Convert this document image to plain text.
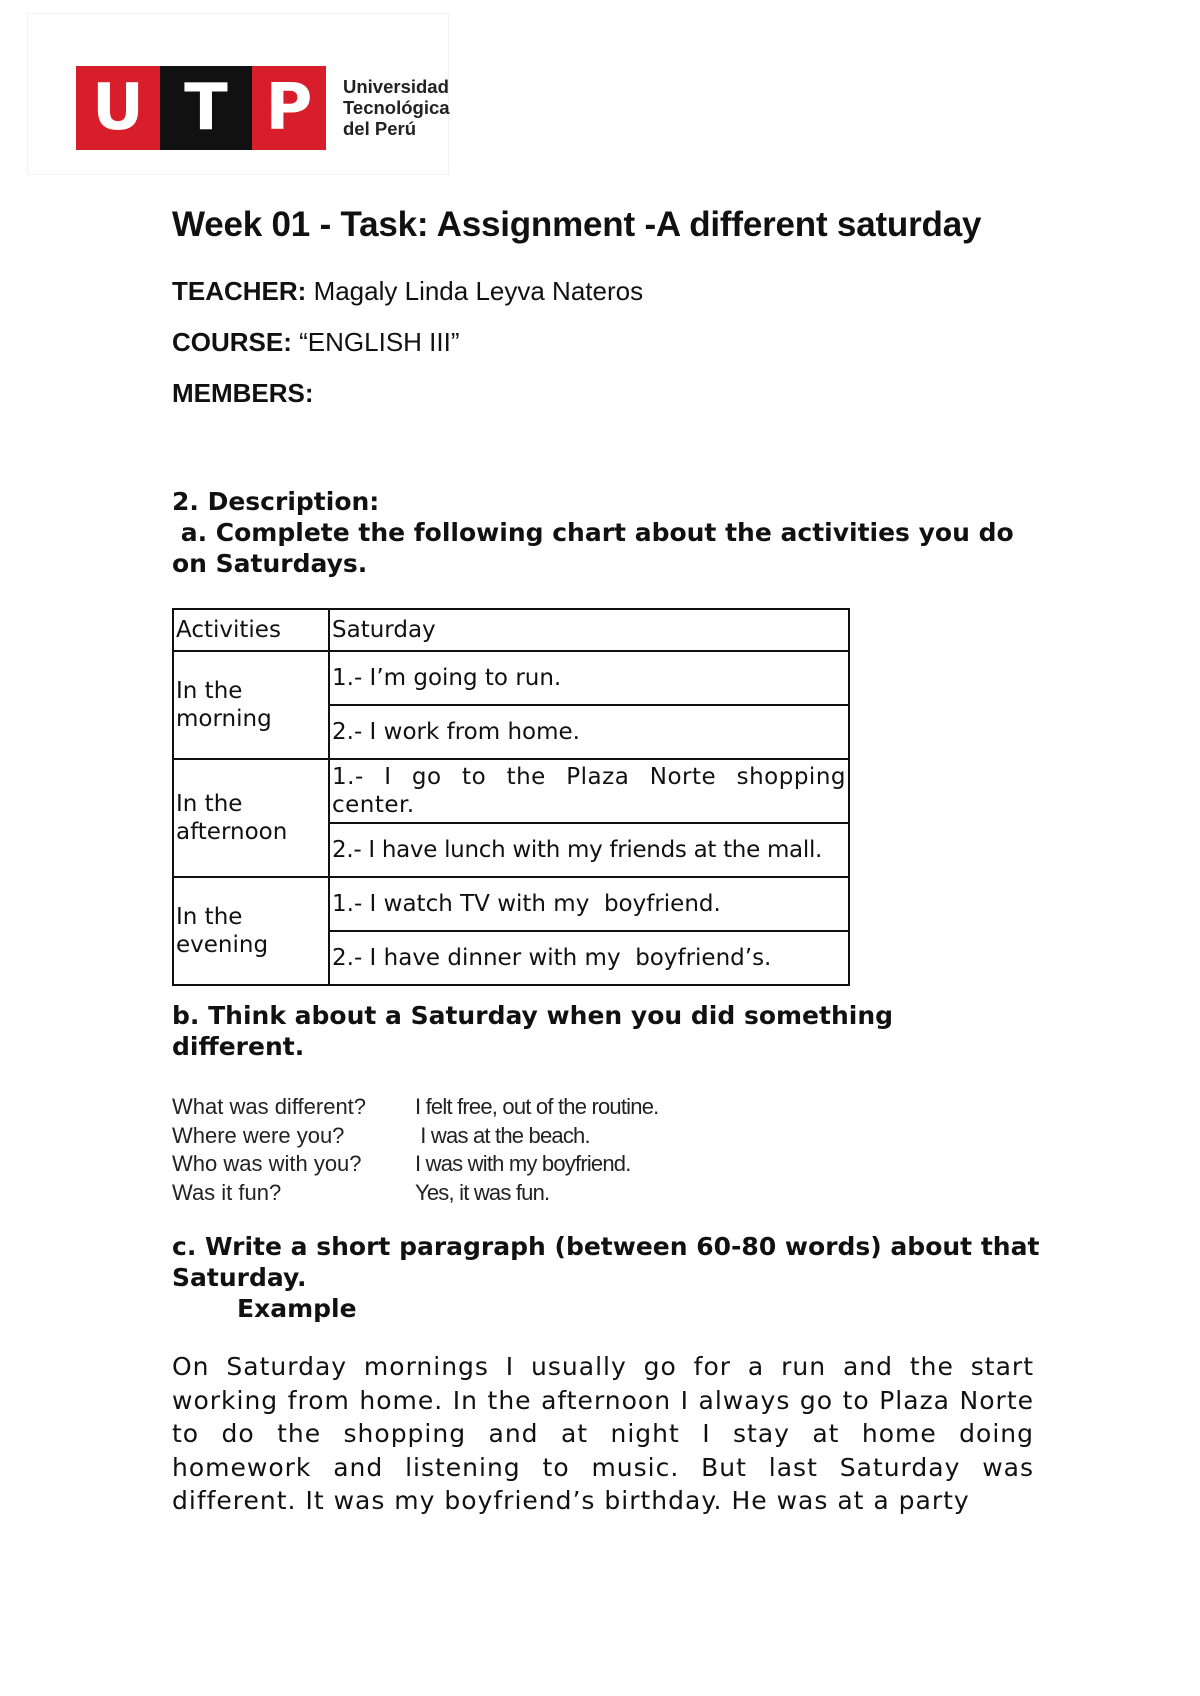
U T P	Universidad
Tecnológica
del Perú
Week 01 - Task: Assignment -A different saturday
TEACHER: Magaly Linda Leyva Nateros
COURSE: “ENGLISH III”
MEMBERS:
2. Description:
a. Complete the following chart about the activities you do on Saturdays.
Activities	Saturday
In the morning	1.- I’m going to run.
	2.- I work from home.
In the afternoon	1.- I go to the Plaza Norte shopping center.
	2.- I have lunch with my friends at the mall.
In the evening	1.- I watch TV with my  boyfriend.
	2.- I have dinner with my  boyfriend’s.
b. Think about a Saturday when you did something different.
What was different?	I felt free, out of the routine.
Where were you?	I was at the beach.
Who was with you?	I was with my boyfriend.
Was it fun?	Yes, it was fun.
c. Write a short paragraph (between 60-80 words) about that Saturday.
Example
On Saturday mornings I usually go for a run and the start working from home. In the afternoon I always go to Plaza Norte to do the shopping and at night I stay at home doing homework and listening to music. But last Saturday was different. It was my boyfriend’s birthday. He was at a party
